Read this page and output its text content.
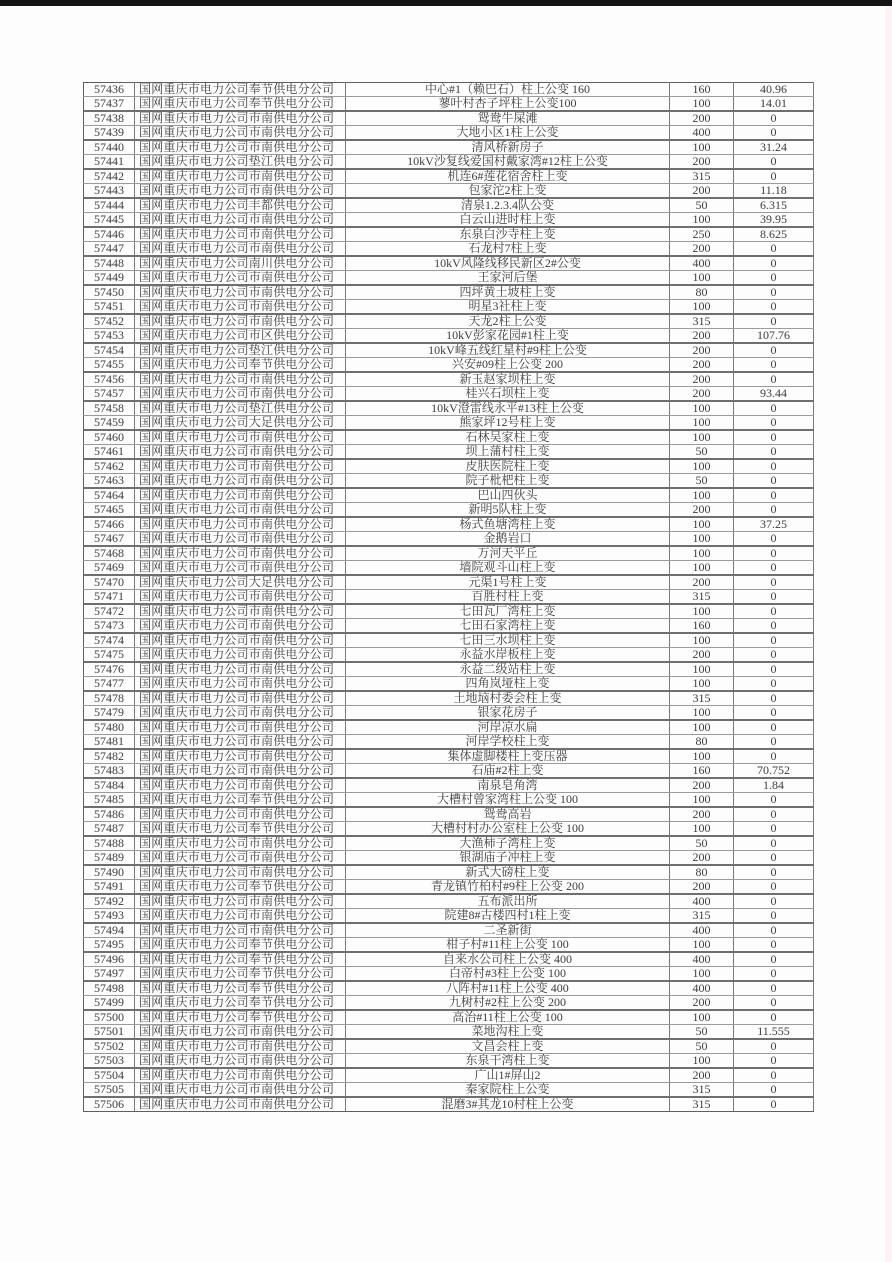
57436	国网重庆市电力公司奉节供电分公司	中心#1（赖巴石）柱上公变 160	160	40.96
57437	国网重庆市电力公司奉节供电分公司	蓼叶村杏子坪柱上公变100	100	14.01
57438	国网重庆市电力公司市南供电分公司	鸳鸯牛屎滩	200	0
57439	国网重庆市电力公司市南供电分公司	大地小区1柱上公变	400	0
57440	国网重庆市电力公司市南供电分公司	清风桥新房子	100	31.24
57441	国网重庆市电力公司垫江供电分公司	10kV沙复线爱国村戴家湾#12柱上公变	200	0
57442	国网重庆市电力公司市南供电分公司	机连6#莲花宿舍柱上变	315	0
57443	国网重庆市电力公司市南供电分公司	包家沱2柱上变	200	11.18
57444	国网重庆市电力公司丰都供电分公司	清泉1.2.3.4队公变	50	6.315
57445	国网重庆市电力公司市南供电分公司	白云山进时柱上变	100	39.95
57446	国网重庆市电力公司市南供电分公司	东泉白沙寺柱上变	250	8.625
57447	国网重庆市电力公司市南供电分公司	石龙村7柱上变	200	0
57448	国网重庆市电力公司南川供电分公司	10kV风隆线移民新区2#公变	400	0
57449	国网重庆市电力公司市南供电分公司	王家河后堡	100	0
57450	国网重庆市电力公司市南供电分公司	四坪黄土坡柱上变	80	0
57451	国网重庆市电力公司市南供电分公司	明星3社柱上变	100	0
57452	国网重庆市电力公司市南供电分公司	天龙2柱上公变	315	0
57453	国网重庆市电力公司市区供电分公司	10kV彭家花园#1柱上变	200	107.76
57454	国网重庆市电力公司垫江供电分公司	10kV峰五线红星村#9柱上公变	200	0
57455	国网重庆市电力公司奉节供电分公司	兴安#09柱上公变 200	200	0
57456	国网重庆市电力公司市南供电分公司	新玉赵家坝柱上变	200	0
57457	国网重庆市电力公司市南供电分公司	桂兴石坝柱上变	200	93.44
57458	国网重庆市电力公司垫江供电分公司	10kV澄雷线永平#13柱上公变	100	0
57459	国网重庆市电力公司大足供电分公司	熊家坪12号柱上变	100	0
57460	国网重庆市电力公司市南供电分公司	石林吴家柱上变	100	0
57461	国网重庆市电力公司市南供电分公司	坝上蒲村柱上变	50	0
57462	国网重庆市电力公司市南供电分公司	皮肤医院柱上变	100	0
57463	国网重庆市电力公司市南供电分公司	院子枇杷柱上变	50	0
57464	国网重庆市电力公司市南供电分公司	巴山四伙头	100	0
57465	国网重庆市电力公司市南供电分公司	新明5队柱上变	200	0
57466	国网重庆市电力公司市南供电分公司	杨式鱼塘湾柱上变	100	37.25
57467	国网重庆市电力公司市南供电分公司	金鹅岩口	100	0
57468	国网重庆市电力公司市南供电分公司	万河天平丘	100	0
57469	国网重庆市电力公司市南供电分公司	墙院观斗山柱上变	100	0
57470	国网重庆市电力公司大足供电分公司	元渠1号柱上变	200	0
57471	国网重庆市电力公司市南供电分公司	百胜村柱上变	315	0
57472	国网重庆市电力公司市南供电分公司	七田瓦厂湾柱上变	100	0
57473	国网重庆市电力公司市南供电分公司	七田石家湾柱上变	160	0
57474	国网重庆市电力公司市南供电分公司	七田三水坝柱上变	100	0
57475	国网重庆市电力公司市南供电分公司	永益水岸板柱上变	200	0
57476	国网重庆市电力公司市南供电分公司	永益二级站柱上变	100	0
57477	国网重庆市电力公司市南供电分公司	四角岚垭柱上变	100	0
57478	国网重庆市电力公司市南供电分公司	土地垴村委会柱上变	315	0
57479	国网重庆市电力公司市南供电分公司	银家花房子	100	0
57480	国网重庆市电力公司市南供电分公司	河岸凉水扁	100	0
57481	国网重庆市电力公司市南供电分公司	河岸学校柱上变	80	0
57482	国网重庆市电力公司市南供电分公司	集体虚脚楼柱上变压器	100	0
57483	国网重庆市电力公司市南供电分公司	石庙#2柱上变	160	70.752
57484	国网重庆市电力公司市南供电分公司	南泉皂角湾	200	1.84
57485	国网重庆市电力公司奉节供电分公司	大槽村曾家湾柱上公变 100	100	0
57486	国网重庆市电力公司市南供电分公司	鸳鸯高岩	200	0
57487	国网重庆市电力公司奉节供电分公司	大槽村村办公室柱上公变 100	100	0
57488	国网重庆市电力公司市南供电分公司	大渔柿子湾柱上变	50	0
57489	国网重庆市电力公司市南供电分公司	银湖庙子冲柱上变	200	0
57490	国网重庆市电力公司市南供电分公司	新式大磅柱上变	80	0
57491	国网重庆市电力公司奉节供电分公司	青龙镇竹柏村#9柱上公变 200	200	0
57492	国网重庆市电力公司市南供电分公司	五布派出所	400	0
57493	国网重庆市电力公司市南供电分公司	院建8#古楼四村1柱上变	315	0
57494	国网重庆市电力公司市南供电分公司	二圣新街	400	0
57495	国网重庆市电力公司奉节供电分公司	柑子村#11柱上公变 100	100	0
57496	国网重庆市电力公司奉节供电分公司	自来水公司柱上公变 400	400	0
57497	国网重庆市电力公司奉节供电分公司	白帝村#3柱上公变 100	100	0
57498	国网重庆市电力公司奉节供电分公司	八阵村#11柱上公变 400	400	0
57499	国网重庆市电力公司奉节供电分公司	九树村#2柱上公变 200	200	0
57500	国网重庆市电力公司奉节供电分公司	高治#11柱上公变 100	100	0
57501	国网重庆市电力公司市南供电分公司	菜地沟柱上变	50	11.555
57502	国网重庆市电力公司市南供电分公司	文昌会柱上变	50	0
57503	国网重庆市电力公司市南供电分公司	东泉干湾柱上变	100	0
57504	国网重庆市电力公司市南供电分公司	广山1#屏山2	200	0
57505	国网重庆市电力公司市南供电分公司	秦家院柱上公变	315	0
57506	国网重庆市电力公司市南供电分公司	混磨3#其龙10村柱上公变	315	0
